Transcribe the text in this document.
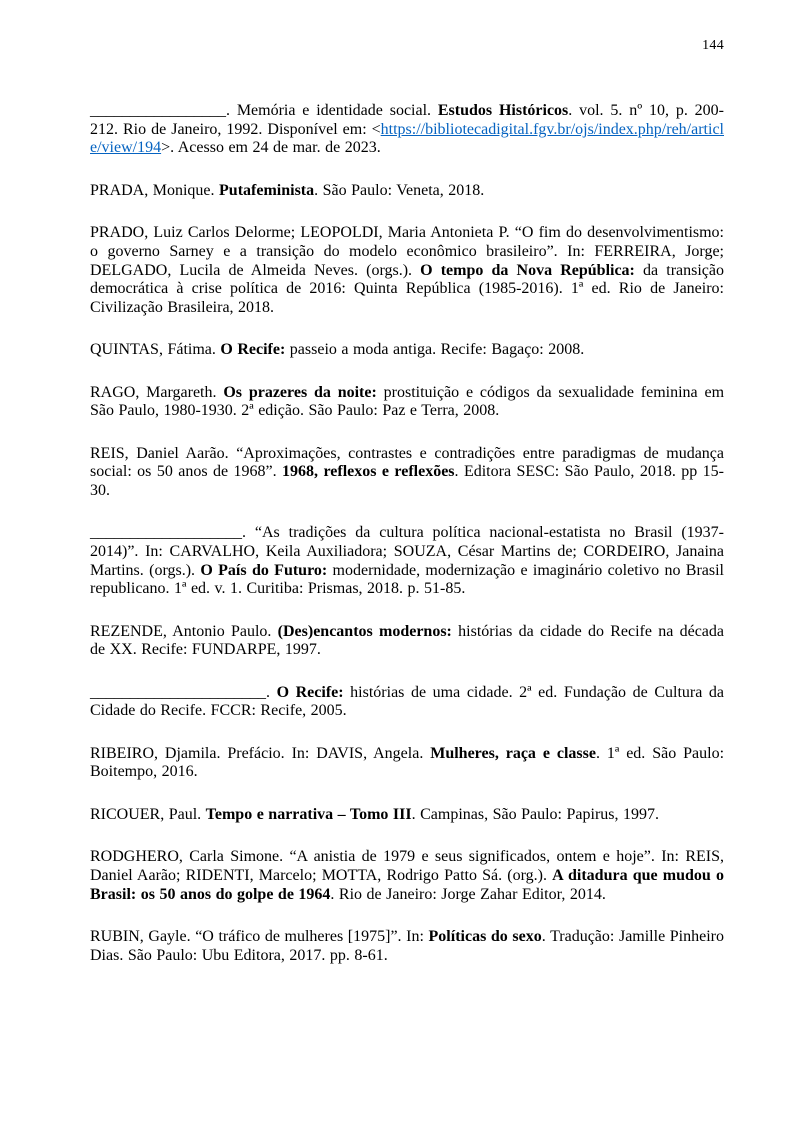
144

_________________. Memória e identidade social. Estudos Históricos. vol. 5. nº 10, p. 200-212. Rio de Janeiro, 1992. Disponível em: <https://bibliotecadigital.fgv.br/ojs/index.php/reh/article/view/194>. Acesso em 24 de mar. de 2023.

PRADA, Monique. Putafeminista. São Paulo: Veneta, 2018.

PRADO, Luiz Carlos Delorme; LEOPOLDI, Maria Antonieta P. “O fim do desenvolvimentismo: o governo Sarney e a transição do modelo econômico brasileiro”. In: FERREIRA, Jorge; DELGADO, Lucila de Almeida Neves. (orgs.). O tempo da Nova República: da transição democrática à crise política de 2016: Quinta República (1985-2016). 1ª ed. Rio de Janeiro: Civilização Brasileira, 2018.

QUINTAS, Fátima. O Recife: passeio a moda antiga. Recife: Bagaço: 2008.

RAGO, Margareth. Os prazeres da noite: prostituição e códigos da sexualidade feminina em São Paulo, 1980-1930. 2ª edição. São Paulo: Paz e Terra, 2008.

REIS, Daniel Aarão. “Aproximações, contrastes e contradições entre paradigmas de mudança social: os 50 anos de 1968”. 1968, reflexos e reflexões. Editora SESC: São Paulo, 2018. pp 15-30.

___________________. “As tradições da cultura política nacional-estatista no Brasil (1937-2014)”. In: CARVALHO, Keila Auxiliadora; SOUZA, César Martins de; CORDEIRO, Janaina Martins. (orgs.). O País do Futuro: modernidade, modernização e imaginário coletivo no Brasil republicano. 1ª ed. v. 1. Curitiba: Prismas, 2018. p. 51-85.

REZENDE, Antonio Paulo. (Des)encantos modernos: histórias da cidade do Recife na década de XX. Recife: FUNDARPE, 1997.

______________________. O Recife: histórias de uma cidade. 2ª ed. Fundação de Cultura da Cidade do Recife. FCCR: Recife, 2005.

RIBEIRO, Djamila. Prefácio. In: DAVIS, Angela. Mulheres, raça e classe. 1ª ed. São Paulo: Boitempo, 2016.

RICOUER, Paul. Tempo e narrativa – Tomo III. Campinas, São Paulo: Papirus, 1997.

RODGHERO, Carla Simone. “A anistia de 1979 e seus significados, ontem e hoje”. In: REIS, Daniel Aarão; RIDENTI, Marcelo; MOTTA, Rodrigo Patto Sá. (org.). A ditadura que mudou o Brasil: os 50 anos do golpe de 1964. Rio de Janeiro: Jorge Zahar Editor, 2014.

RUBIN, Gayle. “O tráfico de mulheres [1975]”. In: Políticas do sexo. Tradução: Jamille Pinheiro Dias. São Paulo: Ubu Editora, 2017. pp. 8-61.
